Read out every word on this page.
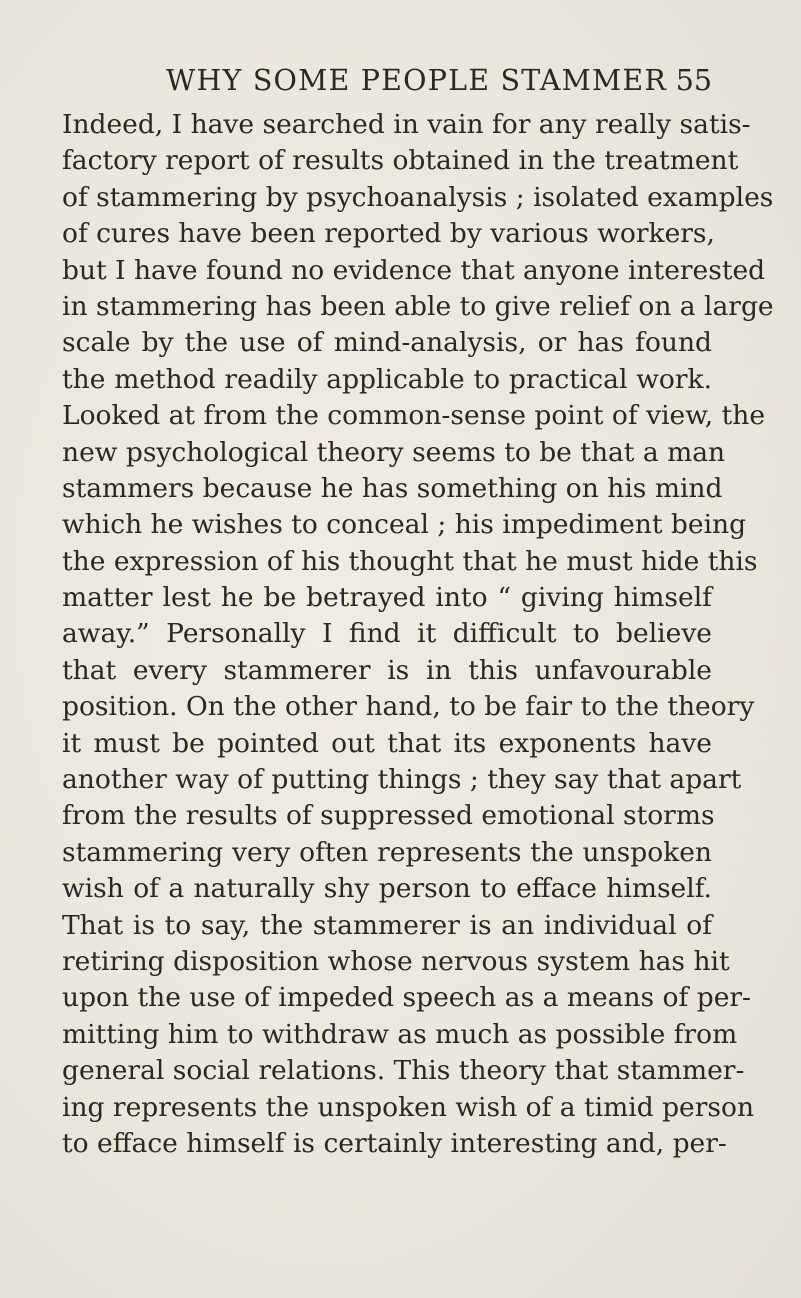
WHY SOME PEOPLE STAMMER 55
Indeed, I have searched in vain for any really satis-
factory report of results obtained in the treatment
of stammering by psychoanalysis ; isolated examples
of cures have been reported by various workers,
but I have found no evidence that anyone interested
in stammering has been able to give relief on a large
scale by the use of mind-analysis, or has found
the method readily applicable to practical work.
Looked at from the common-sense point of view, the
new psychological theory seems to be that a man
stammers because he has something on his mind
which he wishes to conceal ; his impediment being
the expression of his thought that he must hide this
matter lest he be betrayed into “ giving himself
away.” Personally I find it difficult to believe
that every stammerer is in this unfavourable
position. On the other hand, to be fair to the theory
it must be pointed out that its exponents have
another way of putting things ; they say that apart
from the results of suppressed emotional storms
stammering very often represents the unspoken
wish of a naturally shy person to efface himself.
That is to say, the stammerer is an individual of
retiring disposition whose nervous system has hit
upon the use of impeded speech as a means of per-
mitting him to withdraw as much as possible from
general social relations. This theory that stammer-
ing represents the unspoken wish of a timid person
to efface himself is certainly interesting and, per-
